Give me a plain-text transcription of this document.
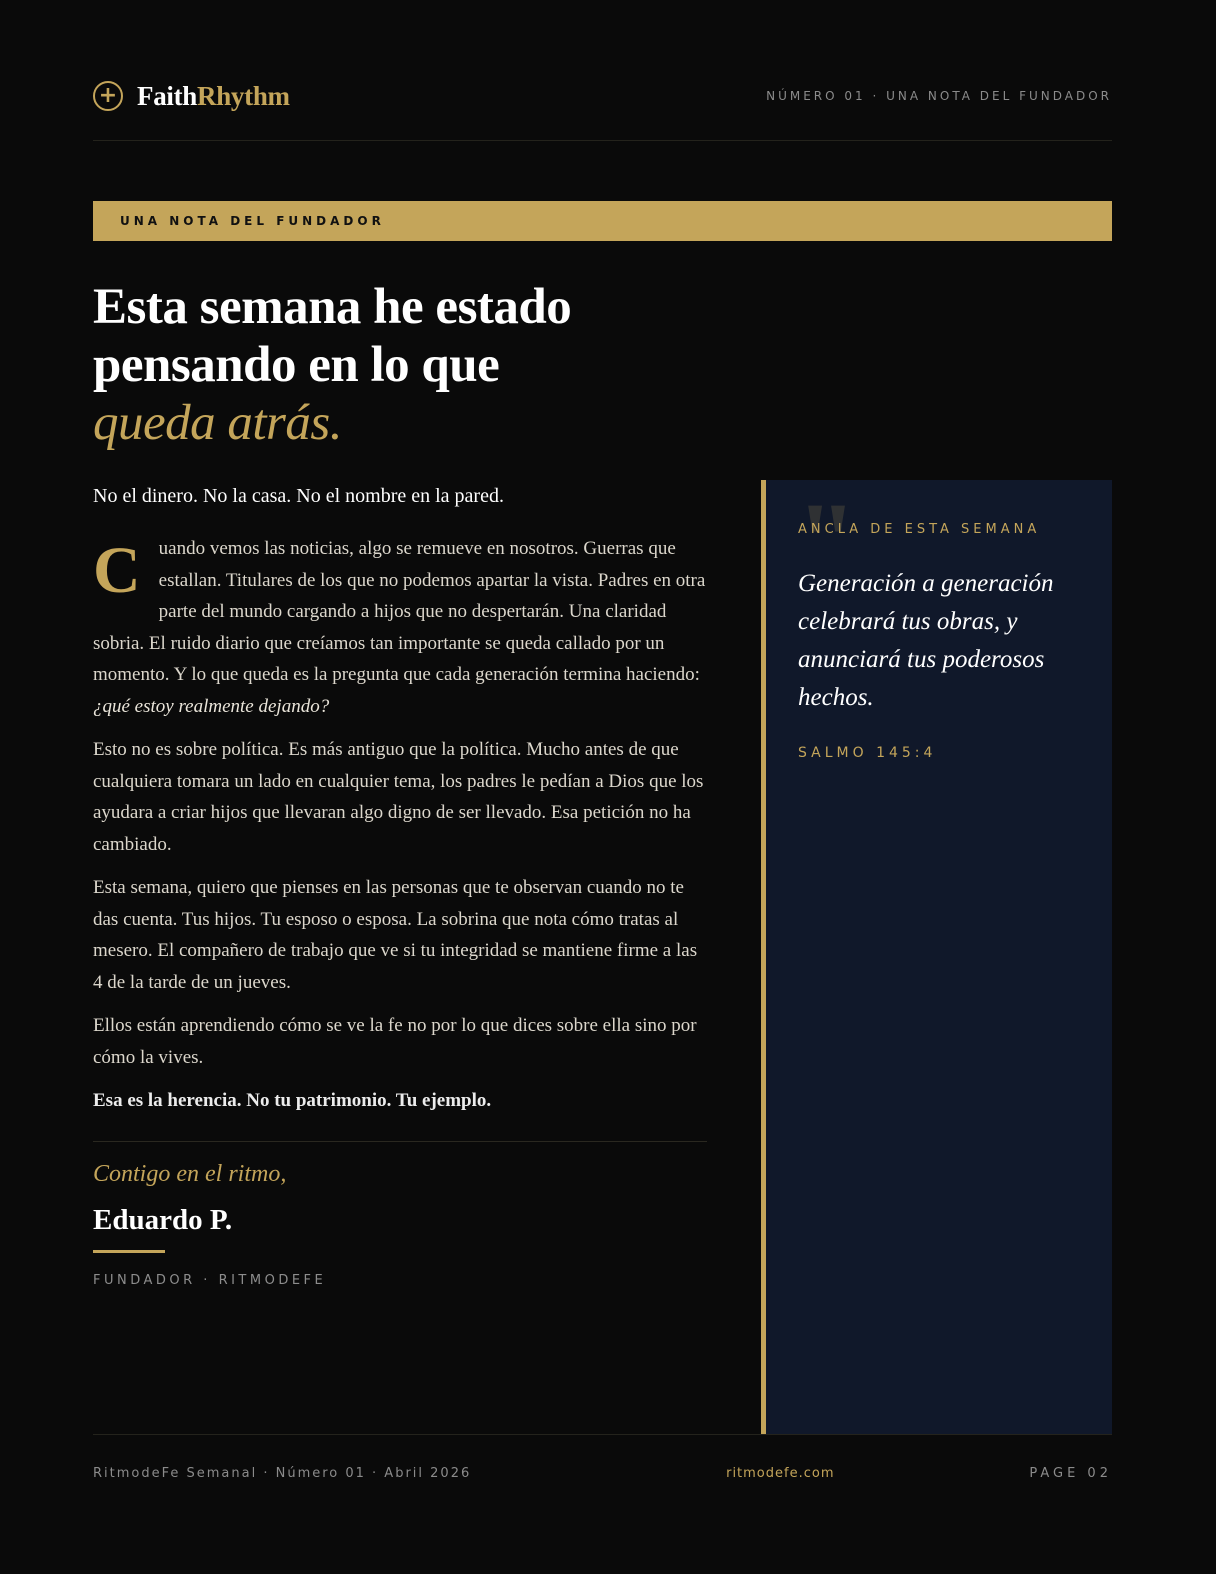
+ FaithRhythm	NÚMERO 01 · UNA NOTA DEL FUNDADOR
UNA NOTA DEL FUNDADOR
Esta semana he estado
pensando en lo que
queda atrás.

No el dinero. No la casa. No el nombre en la pared.

Cuando vemos las noticias, algo se remueve en nosotros. Guerras que estallan. Titulares de los que no podemos apartar la vista. Padres en otra parte del mundo cargando a hijos que no despertarán. Una claridad sobria. El ruido diario que creíamos tan importante se queda callado por un momento. Y lo que queda es la pregunta que cada generación termina haciendo: ¿qué estoy realmente dejando?

Esto no es sobre política. Es más antiguo que la política. Mucho antes de que cualquiera tomara un lado en cualquier tema, los padres le pedían a Dios que los ayudara a criar hijos que llevaran algo digno de ser llevado. Esa petición no ha cambiado.

Esta semana, quiero que pienses en las personas que te observan cuando no te das cuenta. Tus hijos. Tu esposo o esposa. La sobrina que nota cómo tratas al mesero. El compañero de trabajo que ve si tu integridad se mantiene firme a las 4 de la tarde de un jueves.

Ellos están aprendiendo cómo se ve la fe no por lo que dices sobre ella sino por cómo la vives.

Esa es la herencia. No tu patrimonio. Tu ejemplo.

Contigo en el ritmo,
Eduardo P.
FUNDADOR · RITMODEFE
"
ANCLA DE ESTA SEMANA
Generación a generación celebrará tus obras, y anunciará tus poderosos hechos.
SALMO 145:4
RitmodeFe Semanal · Número 01 · Abril 2026	ritmodefe.com	PAGE 02
